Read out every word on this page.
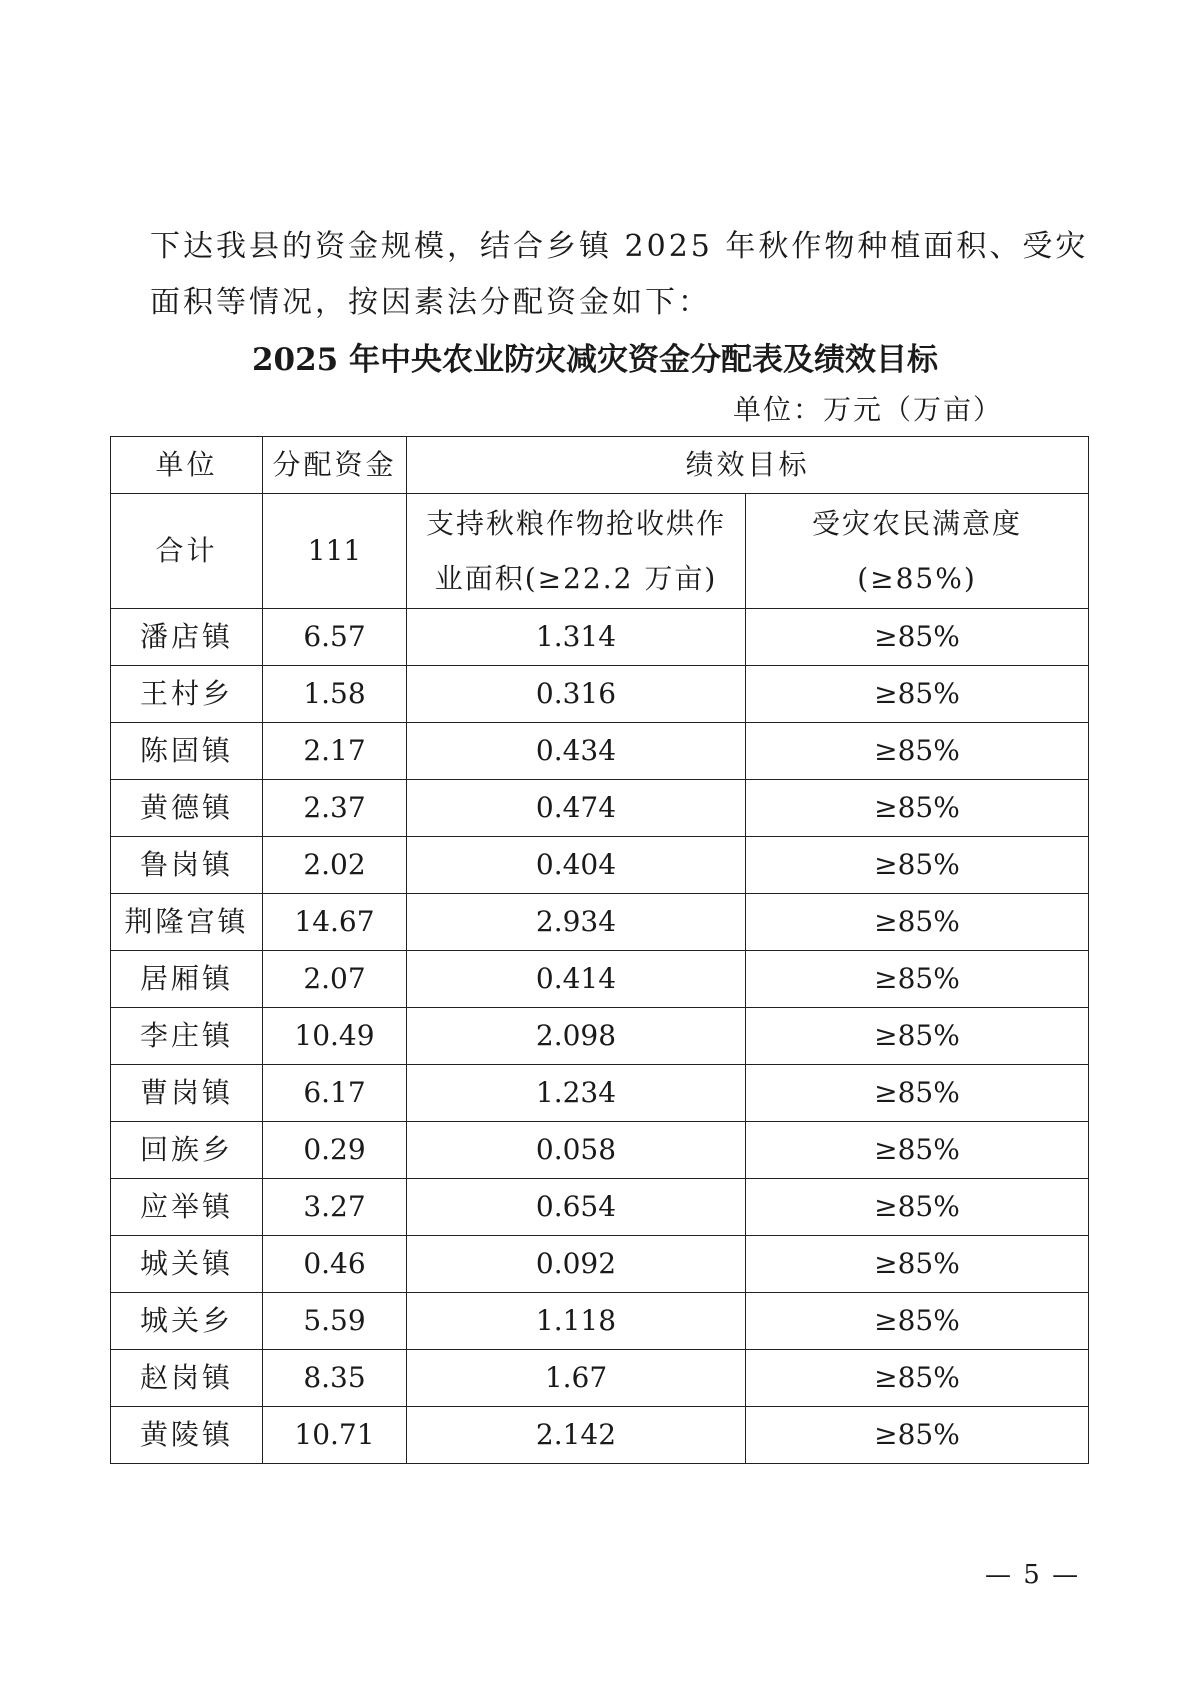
下达我县的资金规模，结合乡镇 2025 年秋作物种植面积、受灾
面积等情况，按因素法分配资金如下：
2025 年中央农业防灾减灾资金分配表及绩效目标
单位：万元（万亩）
单位	分配资金	绩效目标	
合计	111	支持秋粮作物抢收烘作业面积(≥22.2 万亩)	受灾农民满意度(≥85%)
潘店镇	6.57	1.314	≥85%
王村乡	1.58	0.316	≥85%
陈固镇	2.17	0.434	≥85%
黄德镇	2.37	0.474	≥85%
鲁岗镇	2.02	0.404	≥85%
荆隆宫镇	14.67	2.934	≥85%
居厢镇	2.07	0.414	≥85%
李庄镇	10.49	2.098	≥85%
曹岗镇	6.17	1.234	≥85%
回族乡	0.29	0.058	≥85%
应举镇	3.27	0.654	≥85%
城关镇	0.46	0.092	≥85%
城关乡	5.59	1.118	≥85%
赵岗镇	8.35	1.67	≥85%
黄陵镇	10.71	2.142	≥85%
— 5 —
